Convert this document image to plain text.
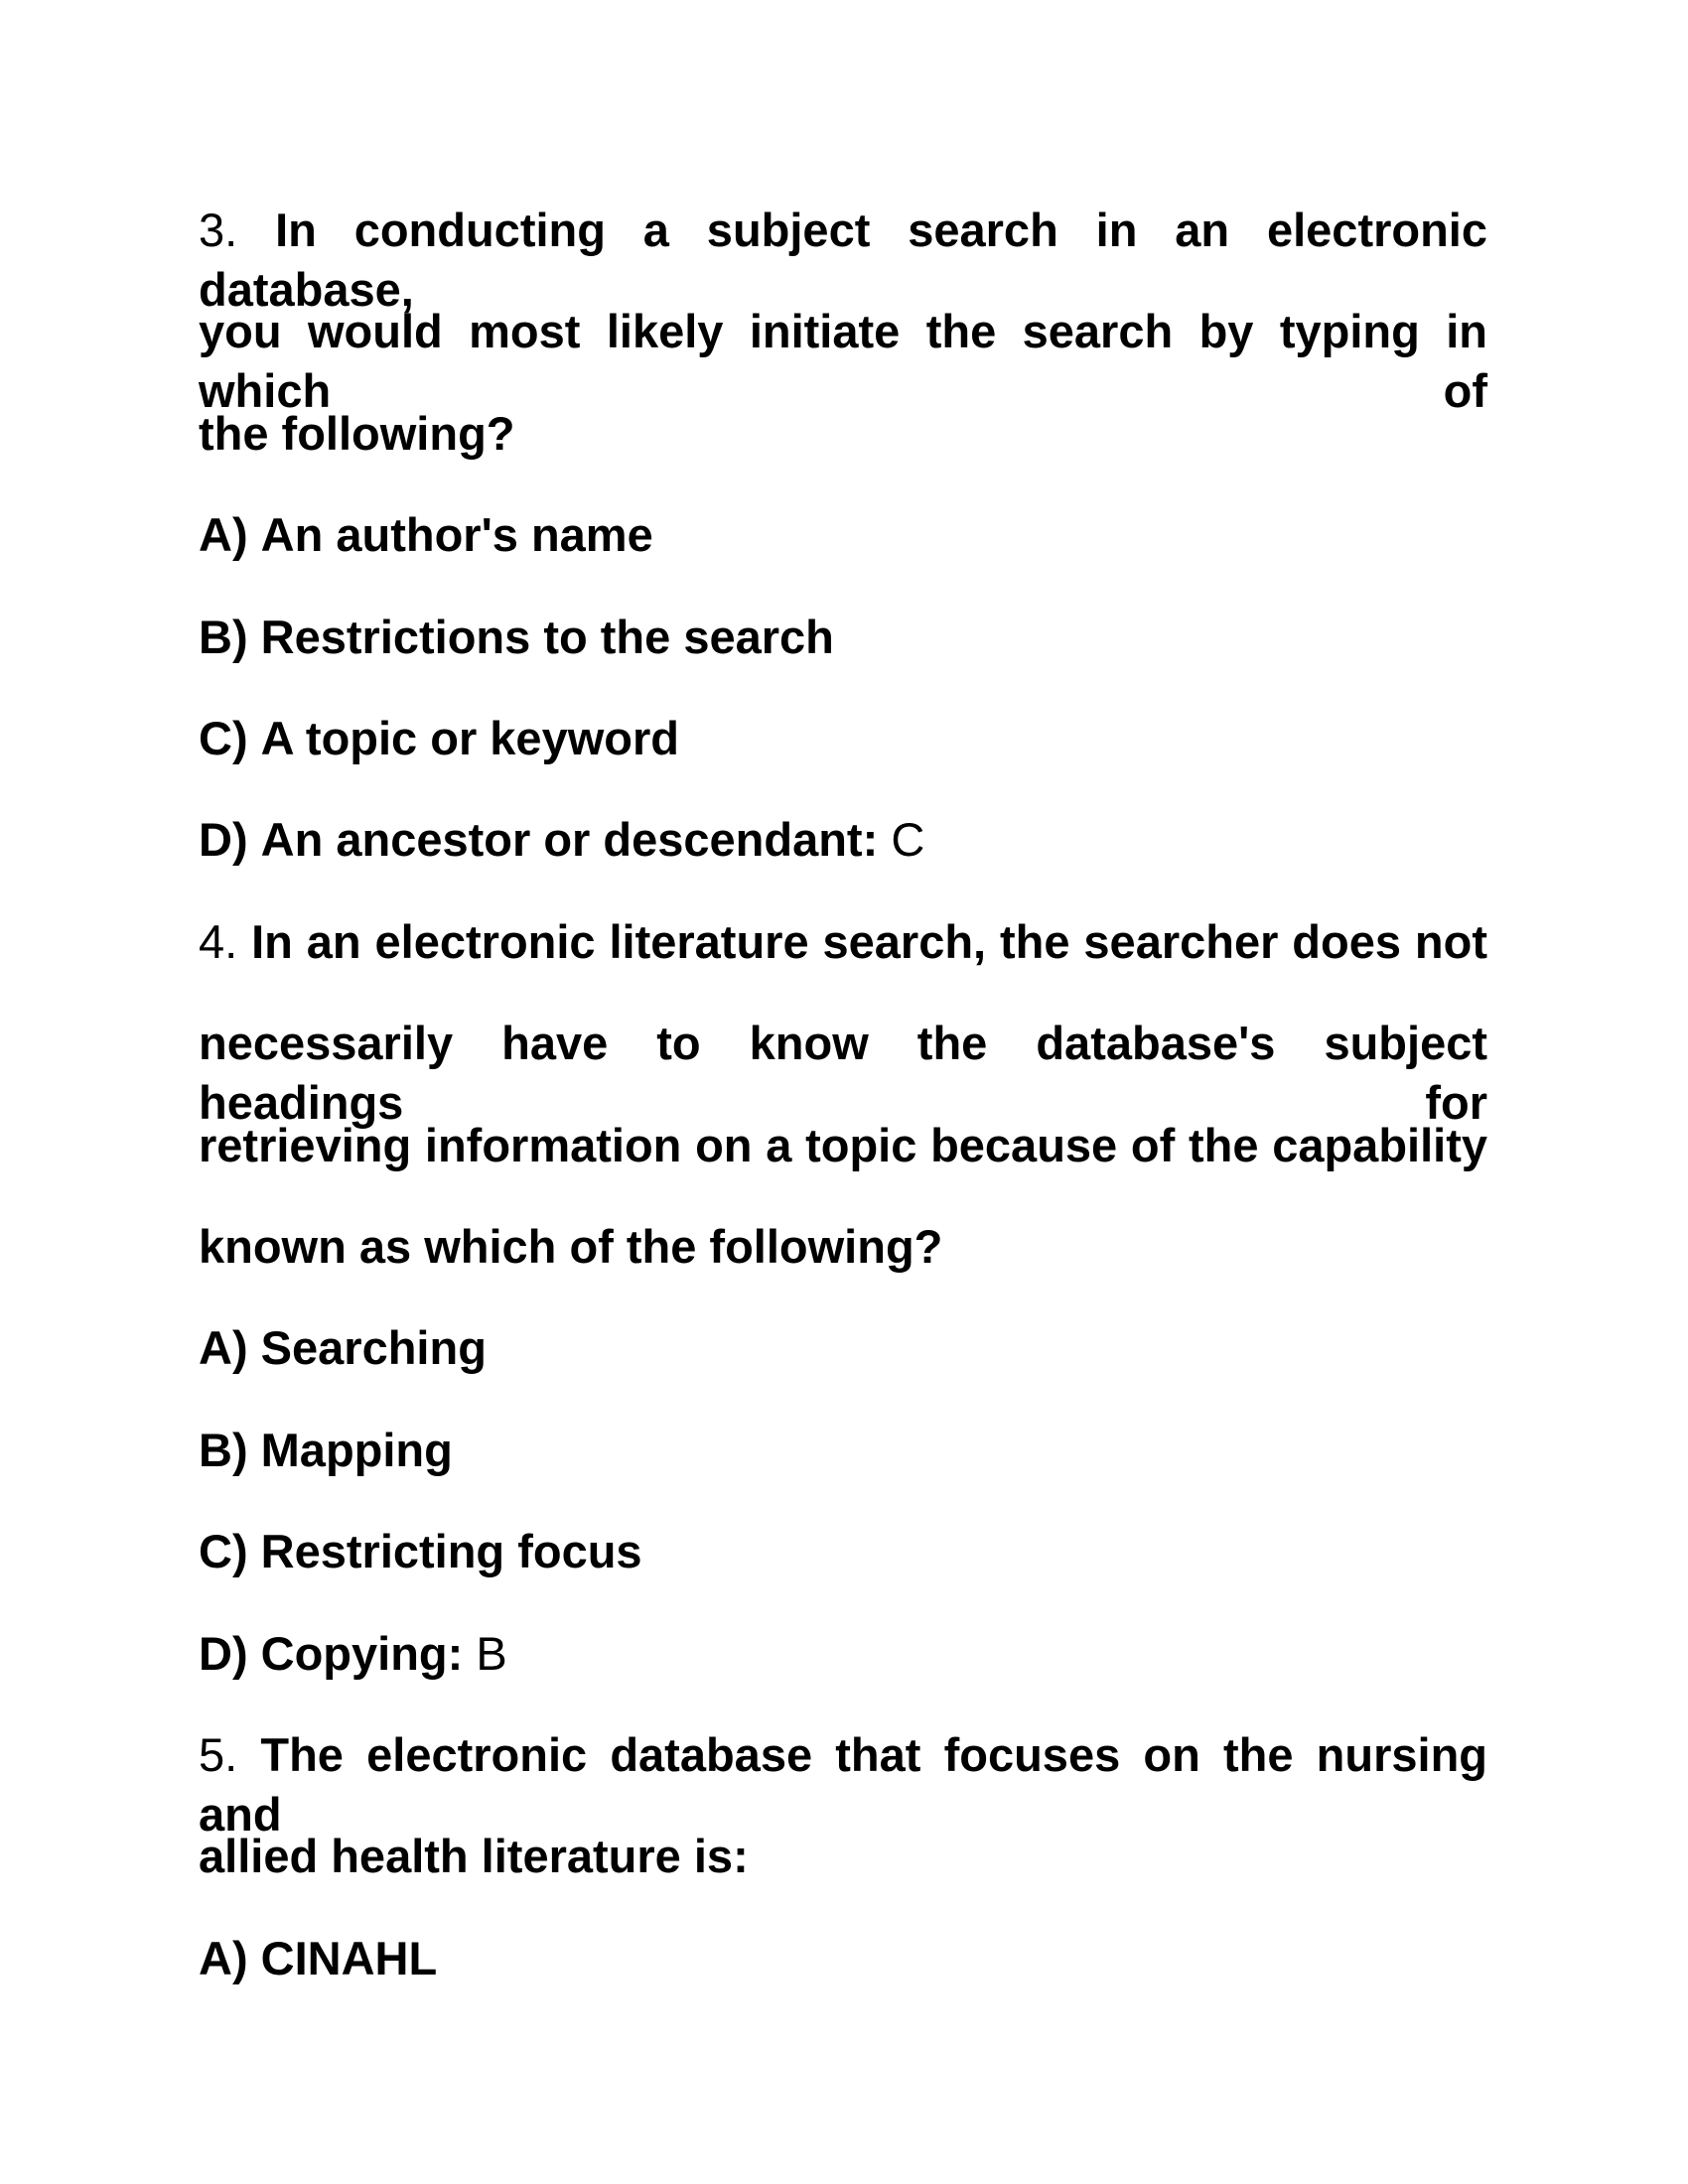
3. In conducting a subject search in an electronic database,
you would most likely initiate the search by typing in which of
the following?
A) An author's name
B) Restrictions to the search
C) A topic or keyword
D) An ancestor or descendant: C
4. In an electronic literature search, the searcher does not
necessarily have to know the database's subject headings for
retrieving information on a topic because of the capability
known as which of the following?
A) Searching
B) Mapping
C) Restricting focus
D) Copying: B
5. The electronic database that focuses on the nursing and
allied health literature is:
A) CINAHL
